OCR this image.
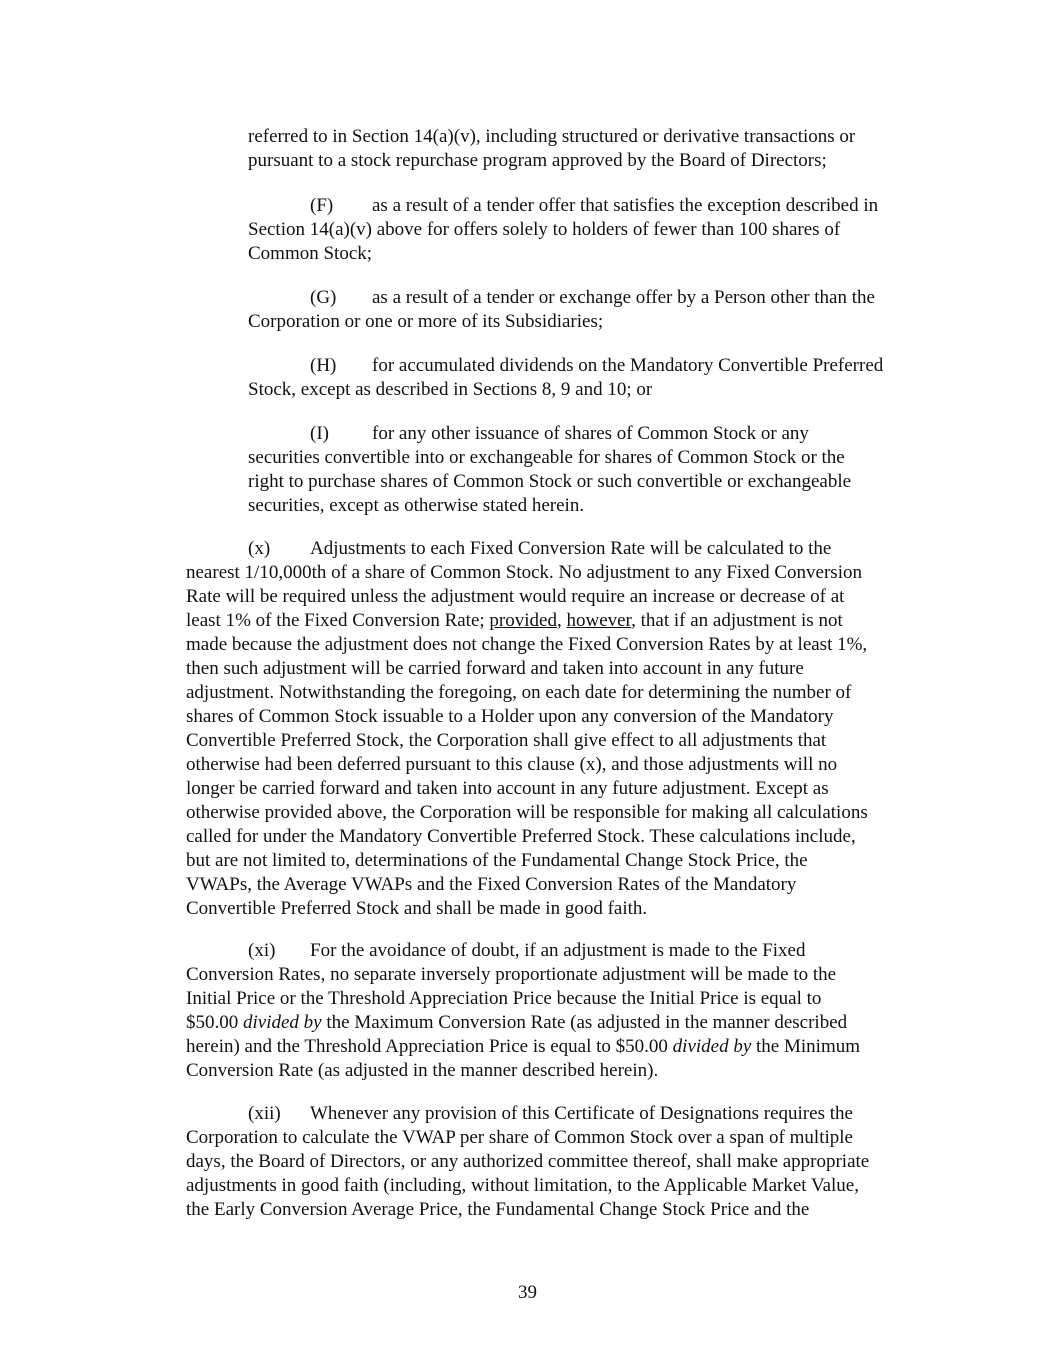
referred to in Section 14(a)(v), including structured or derivative transactions or
pursuant to a stock repurchase program approved by the Board of Directors;

(F) as a result of a tender offer that satisfies the exception described in
Section 14(a)(v) above for offers solely to holders of fewer than 100 shares of
Common Stock;

(G) as a result of a tender or exchange offer by a Person other than the
Corporation or one or more of its Subsidiaries;

(H) for accumulated dividends on the Mandatory Convertible Preferred
Stock, except as described in Sections 8, 9 and 10; or

(I) for any other issuance of shares of Common Stock or any
securities convertible into or exchangeable for shares of Common Stock or the
right to purchase shares of Common Stock or such convertible or exchangeable
securities, except as otherwise stated herein.

(x) Adjustments to each Fixed Conversion Rate will be calculated to the
nearest 1/10,000th of a share of Common Stock. No adjustment to any Fixed Conversion
Rate will be required unless the adjustment would require an increase or decrease of at
least 1% of the Fixed Conversion Rate; provided, however, that if an adjustment is not
made because the adjustment does not change the Fixed Conversion Rates by at least 1%,
then such adjustment will be carried forward and taken into account in any future
adjustment. Notwithstanding the foregoing, on each date for determining the number of
shares of Common Stock issuable to a Holder upon any conversion of the Mandatory
Convertible Preferred Stock, the Corporation shall give effect to all adjustments that
otherwise had been deferred pursuant to this clause (x), and those adjustments will no
longer be carried forward and taken into account in any future adjustment. Except as
otherwise provided above, the Corporation will be responsible for making all calculations
called for under the Mandatory Convertible Preferred Stock. These calculations include,
but are not limited to, determinations of the Fundamental Change Stock Price, the
VWAPs, the Average VWAPs and the Fixed Conversion Rates of the Mandatory
Convertible Preferred Stock and shall be made in good faith.

(xi) For the avoidance of doubt, if an adjustment is made to the Fixed
Conversion Rates, no separate inversely proportionate adjustment will be made to the
Initial Price or the Threshold Appreciation Price because the Initial Price is equal to
$50.00 divided by the Maximum Conversion Rate (as adjusted in the manner described
herein) and the Threshold Appreciation Price is equal to $50.00 divided by the Minimum
Conversion Rate (as adjusted in the manner described herein).

(xii) Whenever any provision of this Certificate of Designations requires the
Corporation to calculate the VWAP per share of Common Stock over a span of multiple
days, the Board of Directors, or any authorized committee thereof, shall make appropriate
adjustments in good faith (including, without limitation, to the Applicable Market Value,
the Early Conversion Average Price, the Fundamental Change Stock Price and the

39
